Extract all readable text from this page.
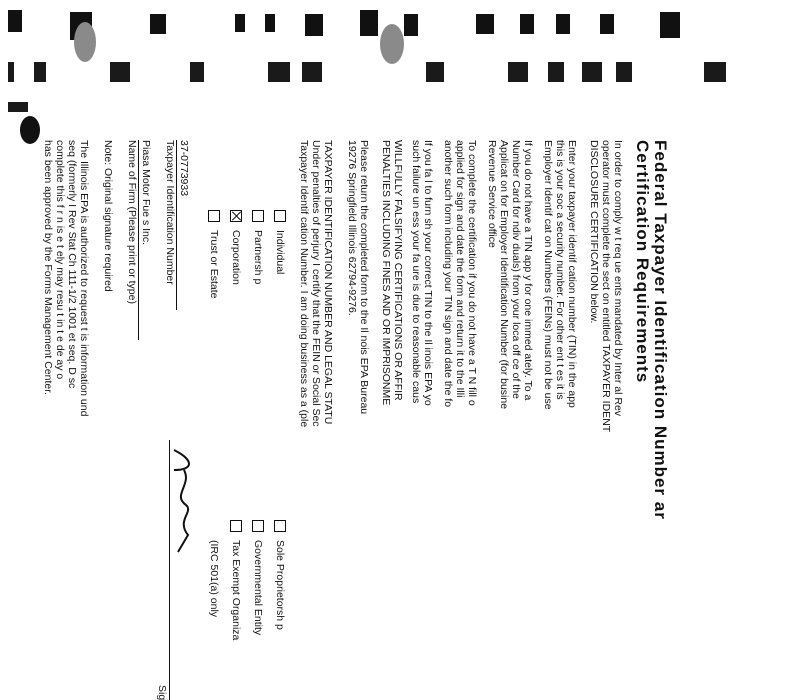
Federal Taxpayer Identification Number ar
Certification Requirements
In order to comply w t req ue ents mandated by Inter al Rev
operator must complete the sect on entitled TAXPAYER IDENT
DISCLOSURE CERTIFICATION below.
Enter your taxpayer identif cation number (TIN) in the app
this is your soc a security number. For other ent t es it is
Employer Identif cat on Numbers (FEINs) must not be use
If you do not have a TIN app y for one immed ately. To a
Number Card for ndiv duals) from your loca off ce of the
Applicat on for Employer Identification Number (for busine
Revenue Service office
To complete the certification if you do not have a T N fill o
applied for sign and date the form and return it to the Illi
another such form including your TIN sign and date the fo
If you fa l to furn sh your correct TIN to the Il inois EPA yo
such failure un ess your fa ure is due to reasonable caus
WILLFULLY FALSIFYING CERTIFICATIONS OR AFFIR
PENALTIES INCLUDING FINES AND OR IMPRISONME
Please return the completed form to the Il nois EPA Bureau
19276 Springfield Illinois 62794-9276.
TAXPAYER IDENTIFICATION NUMBER AND LEGAL STATU
Under penalties of perjury I certify that the FEIN or Social Sec
Taxpayer Identif cation Number. I am doing business as a (ple
Individual
Partnersh p
Corporation
Trust or Estate
Sole Proprietorsh p
Governmental Entity
Tax Exempt Organiza
(IRC 501(a) only
37-0773933
Taxpayer Identification Number
Sig
Piasa Motor Fue s Inc.
Name of Firm (Please print or type)
Note: Original signature required
The Illinois EPA is authorized to request t is information und
seq (formerly I Rev Stat Ch 111-1/2 1001 et seq. D sc
complete this f r n is e t ely may resu t in t e de ay o
has been approved by the Forms Management Center.
